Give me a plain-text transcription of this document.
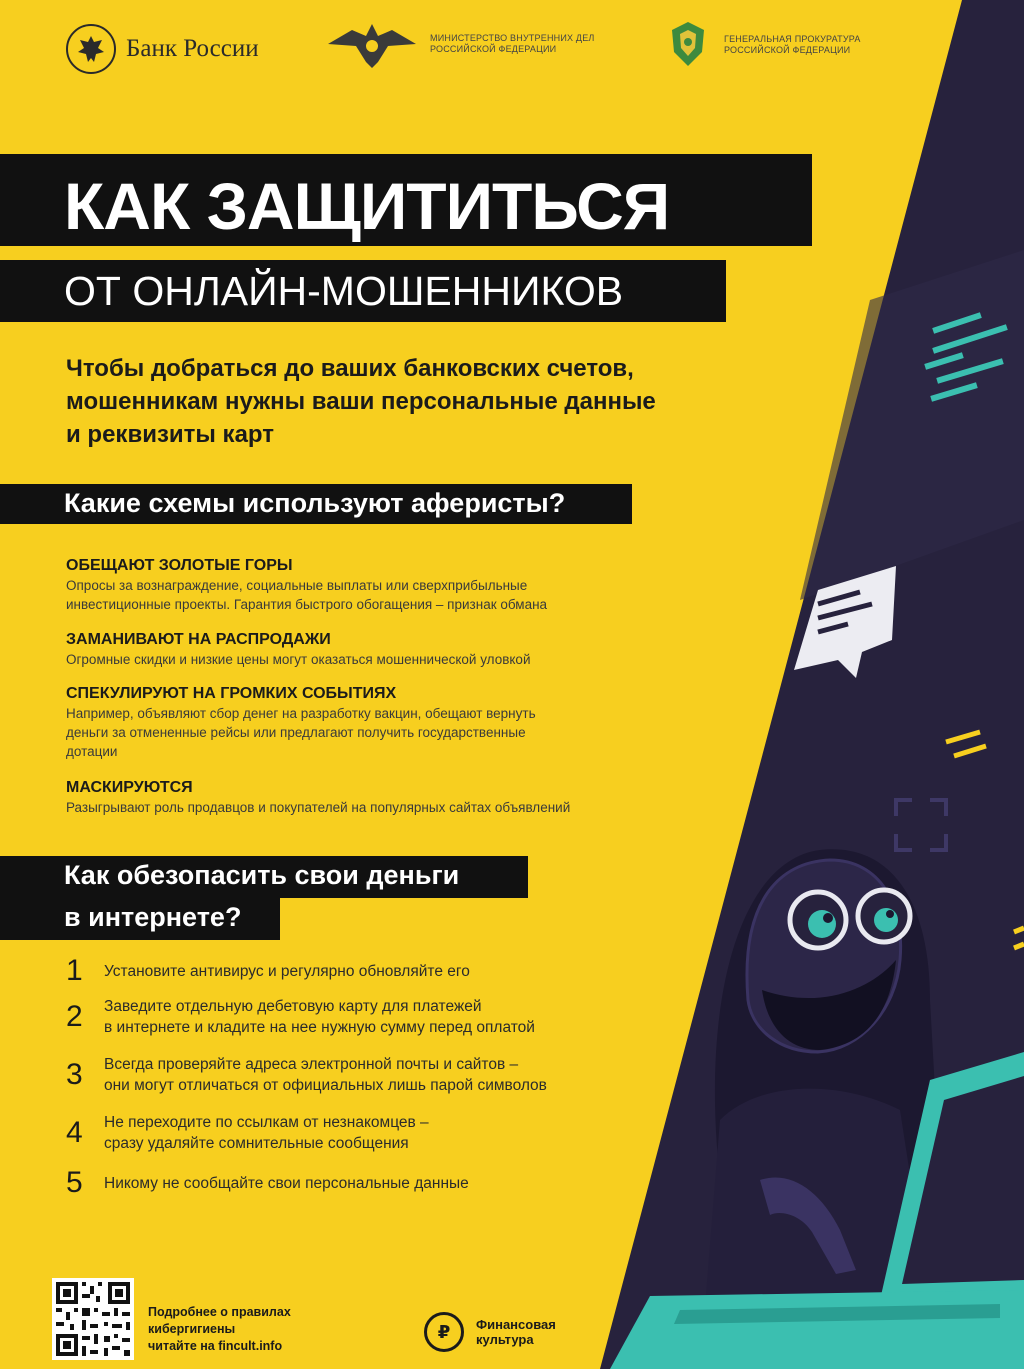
Банк России	МИНИСТЕРСТВО ВНУТРЕННИХ ДЕЛ
РОССИЙСКОЙ ФЕДЕРАЦИИ
ГЕНЕРАЛЬНАЯ ПРОКУРАТУРА
РОССИЙСКОЙ ФЕДЕРАЦИИ
КАК ЗАЩИТИТЬСЯ
ОТ ОНЛАЙН-МОШЕННИКОВ
Чтобы добраться до ваших банковских счетов,
мошенникам нужны ваши персональные данные
и реквизиты карт
Какие схемы используют аферисты?
ОБЕЩАЮТ ЗОЛОТЫЕ ГОРЫ
Опросы за вознаграждение, социальные выплаты или сверхприбыльные
инвестиционные проекты. Гарантия быстрого обогащения – признак обмана
ЗАМАНИВАЮТ НА РАСПРОДАЖИ
Огромные скидки и низкие цены могут оказаться мошеннической уловкой
СПЕКУЛИРУЮТ НА ГРОМКИХ СОБЫТИЯХ
Например, объявляют сбор денег на разработку вакцин, обещают вернуть
деньги за отмененные рейсы или предлагают получить государственные
дотации
МАСКИРУЮТСЯ
Разыгрывают роль продавцов и покупателей на популярных сайтах объявлений
Как обезопасить свои деньги
в интернете?
1	Установите антивирус и регулярно обновляйте его
2	Заведите отдельную дебетовую карту для платежей
в интернете и кладите на нее нужную сумму перед оплатой
3	Всегда проверяйте адреса электронной почты и сайтов –
они могут отличаться от официальных лишь парой символов
4	Не переходите по ссылкам от незнакомцев –
сразу удаляйте сомнительные сообщения
5	Никому не сообщайте свои персональные данные
Подробнее о правилах
кибергигиены
читайте на fincult.info
₽	Финансовая
культура
